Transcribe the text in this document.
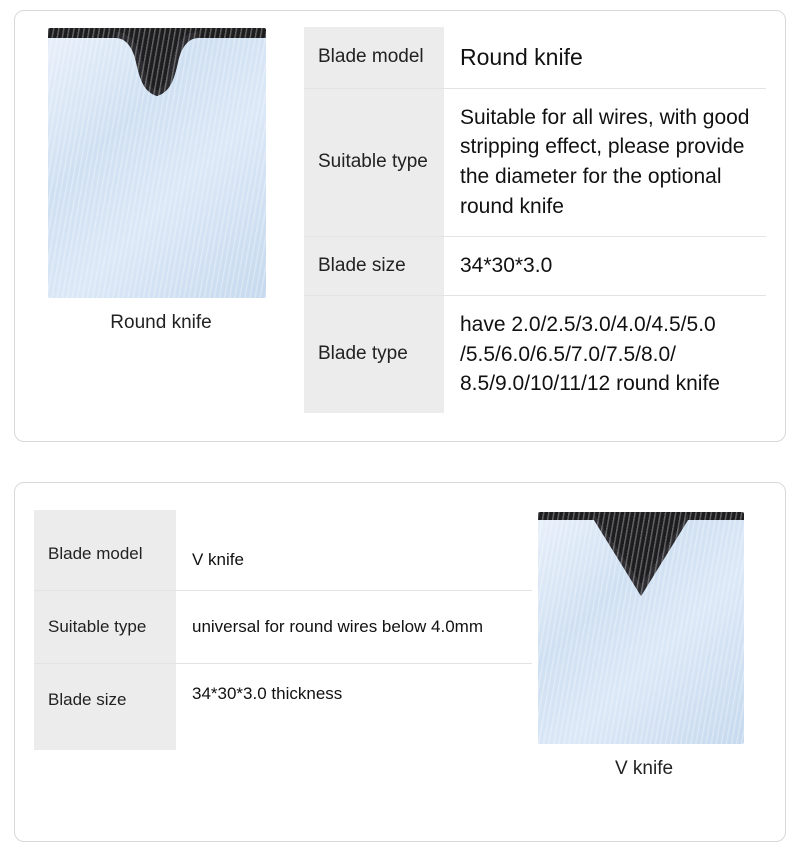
Round knife
Blade model	Round knife
Suitable type	Suitable for all wires, with good stripping effect, please provide the diameter for the optional round knife
Blade size	34*30*3.0
Blade type	have 2.0/2.5/3.0/4.0/4.5/5.0 /5.5/6.0/6.5/7.0/7.5/8.0/ 8.5/9.0/10/11/12 round knife
Blade model	V knife
Suitable type	universal for round wires below 4.0mm
Blade size	34*30*3.0 thickness
V knife
